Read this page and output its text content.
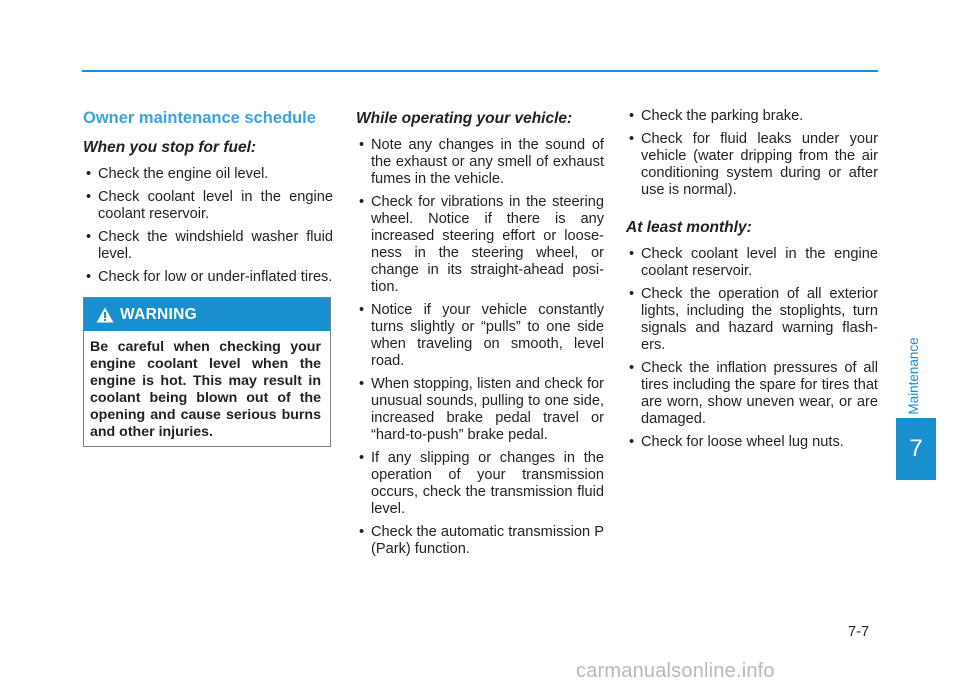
Owner maintenance schedule
When you stop for fuel:
• Check the engine oil level.
• Check coolant level in the engine coolant reservoir.
• Check the windshield washer fluid level.
• Check for low or under-inflated tires.
WARNING
Be careful when checking your engine coolant level when the engine is hot. This may result in coolant being blown out of the opening and cause serious burns and other injuries.
While operating your vehicle:
• Note any changes in the sound of the exhaust or any smell of exhaust fumes in the vehicle.
• Check for vibrations in the steering wheel. Notice if there is any increased steering effort or loose-ness in the steering wheel, or change in its straight-ahead posi-tion.
• Notice if your vehicle constantly turns slightly or “pulls” to one side when traveling on smooth, level road.
• When stopping, listen and check for unusual sounds, pulling to one side, increased brake pedal travel or “hard-to-push” brake pedal.
• If any slipping or changes in the operation of your transmission occurs, check the transmission fluid level.
• Check the automatic transmission P (Park) function.
• Check the parking brake.
• Check for fluid leaks under your vehicle (water dripping from the air conditioning system during or after use is normal).
At least monthly:
• Check coolant level in the engine coolant reservoir.
• Check the operation of all exterior lights, including the stoplights, turn signals and hazard warning flash-ers.
• Check the inflation pressures of all tires including the spare for tires that are worn, show uneven wear, or are damaged.
• Check for loose wheel lug nuts.
Maintenance
7
7-7
carmanualsonline.info
